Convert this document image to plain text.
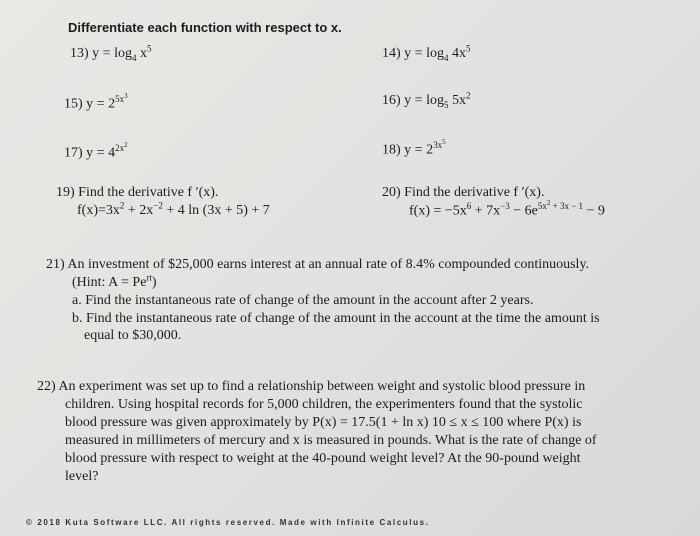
Differentiate each function with respect to x.
13) $y = \log_4 x^5$	14) $y = \log_4 4x^5$
15) $y = 2^{5x^3}$	16) $y = \log_5 5x^2$
17) $y = 4^{2x^2}$	18) $y = 2^{3x^5}$
19) Find the derivative f ′(x).
$f(x)=3x^2 + 2x^{-2} + 4$ ln (3x + 5) + 7
20) Find the derivative f ′(x).
$f(x) = -5x^6 + 7x^{-3} - 6e^{5x^2 + 3x - 1} - 9$
21) An investment of $25,000 earns interest at an annual rate of 8.4% compounded continuously.
(Hint: $A = Pe^{rt}$)
a. Find the instantaneous rate of change of the amount in the account after 2 years.
b. Find the instantaneous rate of change of the amount in the account at the time the amount is
equal to $30,000.
22) An experiment was set up to find a relationship between weight and systolic blood pressure in
children. Using hospital records for 5,000 children, the experimenters found that the systolic
blood pressure was given approximately by P(x) = 17.5(1 + ln x) 10 ≤ x ≤ 100 where P(x) is
measured in millimeters of mercury and x is measured in pounds. What is the rate of change of
blood pressure with respect to weight at the 40-pound weight level? At the 90-pound weight
level?
© 2018 Kuta Software LLC. All rights reserved. Made with Infinite Calculus.
